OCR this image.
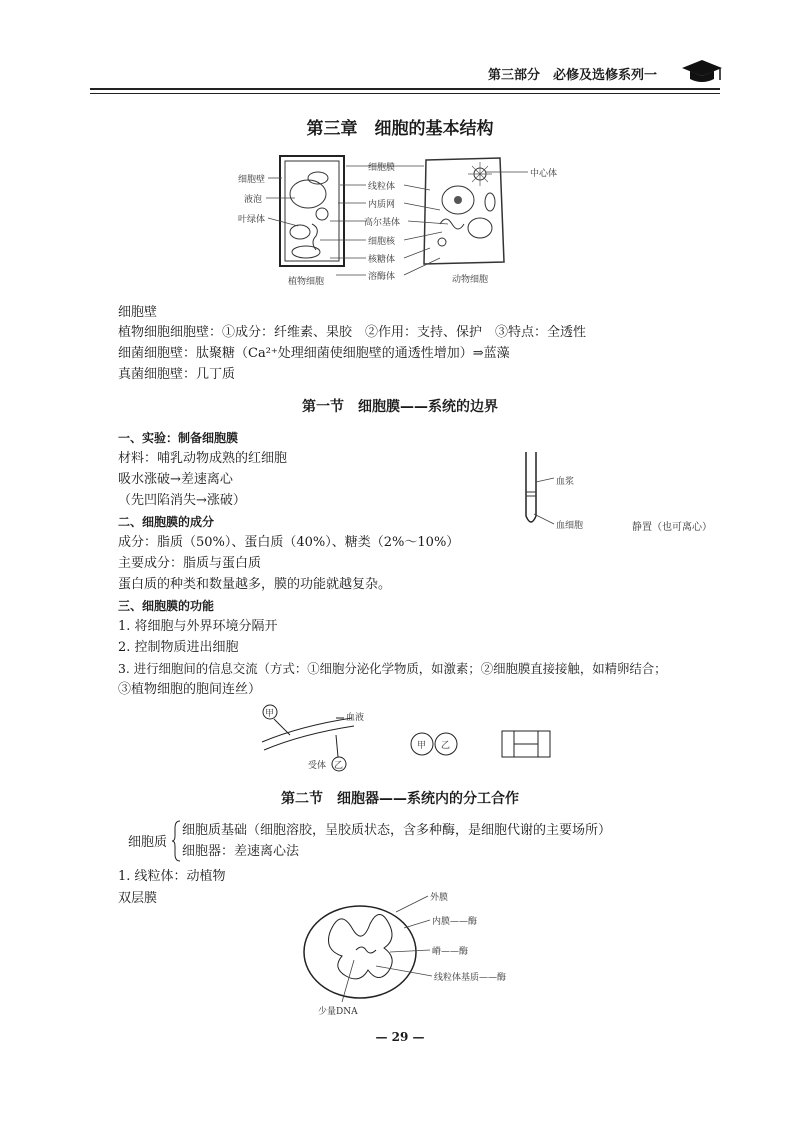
第三部分　必修及选修系列一
第三章　细胞的基本结构
细胞壁
液泡
叶绿体
细胞膜
线粒体
内质网
高尔基体
细胞核
核糖体
溶酶体
中心体
植物细胞	动物细胞
细胞壁
植物细胞细胞壁：①成分：纤维素、果胶　②作用：支持、保护　③特点：全透性
细菌细胞壁：肽聚糖（Ca²⁺处理细菌使细胞壁的通透性增加）⇒蓝藻
真菌细胞壁：几丁质
第一节　细胞膜——系统的边界
一、实验：制备细胞膜
材料：哺乳动物成熟的红细胞
吸水涨破→差速离心
（先凹陷消失→涨破）
血浆
血细胞	静置（也可离心）
二、细胞膜的成分
成分：脂质（50%）、蛋白质（40%）、糖类（2%～10%）
主要成分：脂质与蛋白质
蛋白质的种类和数量越多，膜的功能就越复杂。
三、细胞膜的功能
1. 将细胞与外界环境分隔开
2. 控制物质进出细胞
3. 进行细胞间的信息交流（方式：①细胞分泌化学物质，如激素；②细胞膜直接接触，如精卵结合；
③植物细胞的胞间连丝）
甲
乙
血液
受体
甲 乙
第二节　细胞器——系统内的分工合作
细胞质
细胞质基础（细胞溶胶，呈胶质状态，含多种酶，是细胞代谢的主要场所）
细胞器：差速离心法
1. 线粒体：动植物
双层膜	外膜
内膜——酶
嵴——酶
线粒体基质——酶
少量DNA
— 29 —
